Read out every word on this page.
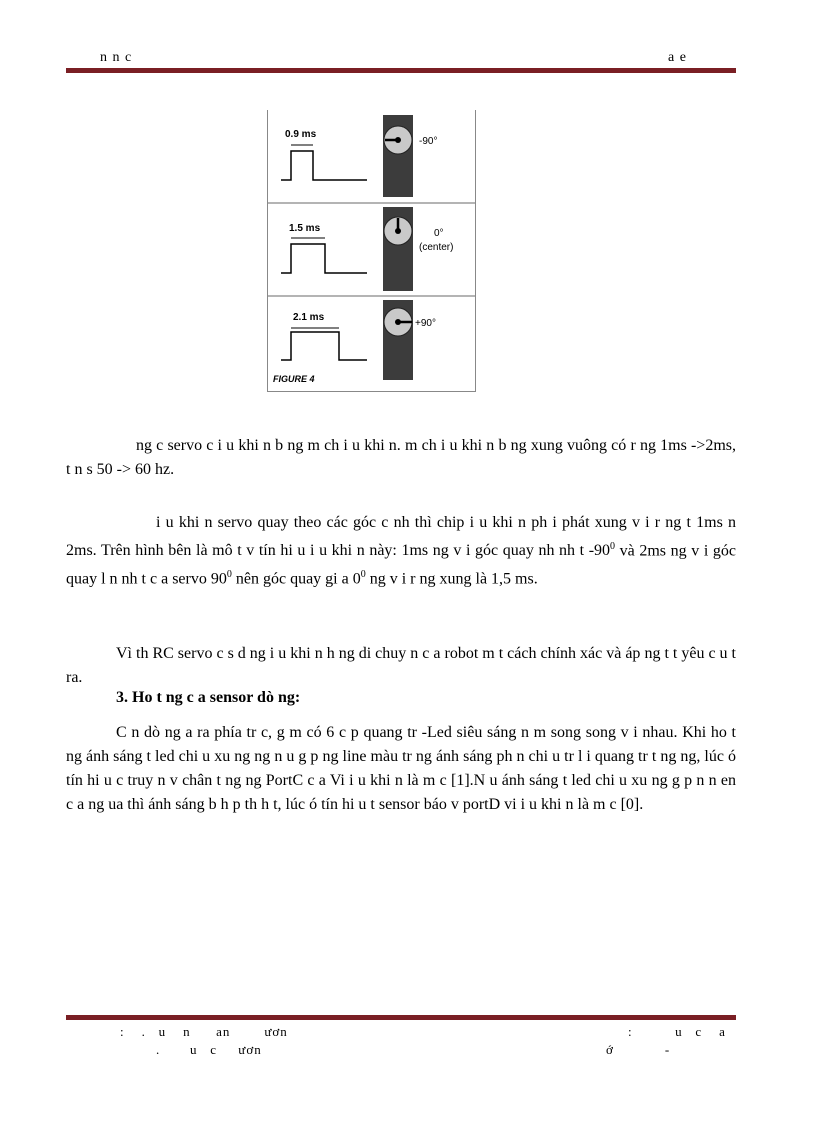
n n c	a e
0.9 ms
-90°
1.5 ms	0°
(center)
2.1 ms
+90°
FIGURE 4

ng c servo c i u khi n b ng m ch i u khi n. m ch i u khi n b ng xung vuông có r ng 1ms ->2ms, t n s 50 -> 60 hz.

i u khi n servo quay theo các góc c nh thì chip i u khi n ph i phát xung v i r ng t 1ms n 2ms. Trên hình bên là mô t v tín hi u i u khi n này: 1ms ng v i góc quay nh nh t $-90^0$ và 2ms ng v i góc quay l n nh t c a servo $90^0$ nên góc quay gi a $0^0$ ng v i r ng xung là 1,5 ms.

Vì th RC servo c s d ng i u khi n h ng di chuy n c a robot m t cách chính xác và áp ng t t yêu c u t ra.

3. Ho t ng c a sensor dò ng:

C n dò ng a ra phía tr c, g m có 6 c p quang tr -Led siêu sáng n m song song v i nhau. Khi ho t ng ánh sáng t led chi u xu ng ng n u g p ng line màu tr ng ánh sáng ph n chi u tr l i quang tr t ng ng, lúc ó tín hi u c truy n v chân t ng ng PortC c a Vi i u khi n là m c [1].N u ánh sáng t led chi u xu ng g p n n en c a ng ua thì ánh sáng b h p th h t, lúc ó tín hi u t sensor báo v portD vi i u khi n là m c [0].

:    .   u    n      an        ươn
.       u   c     ươn
:          u   c    a
ớ            -
